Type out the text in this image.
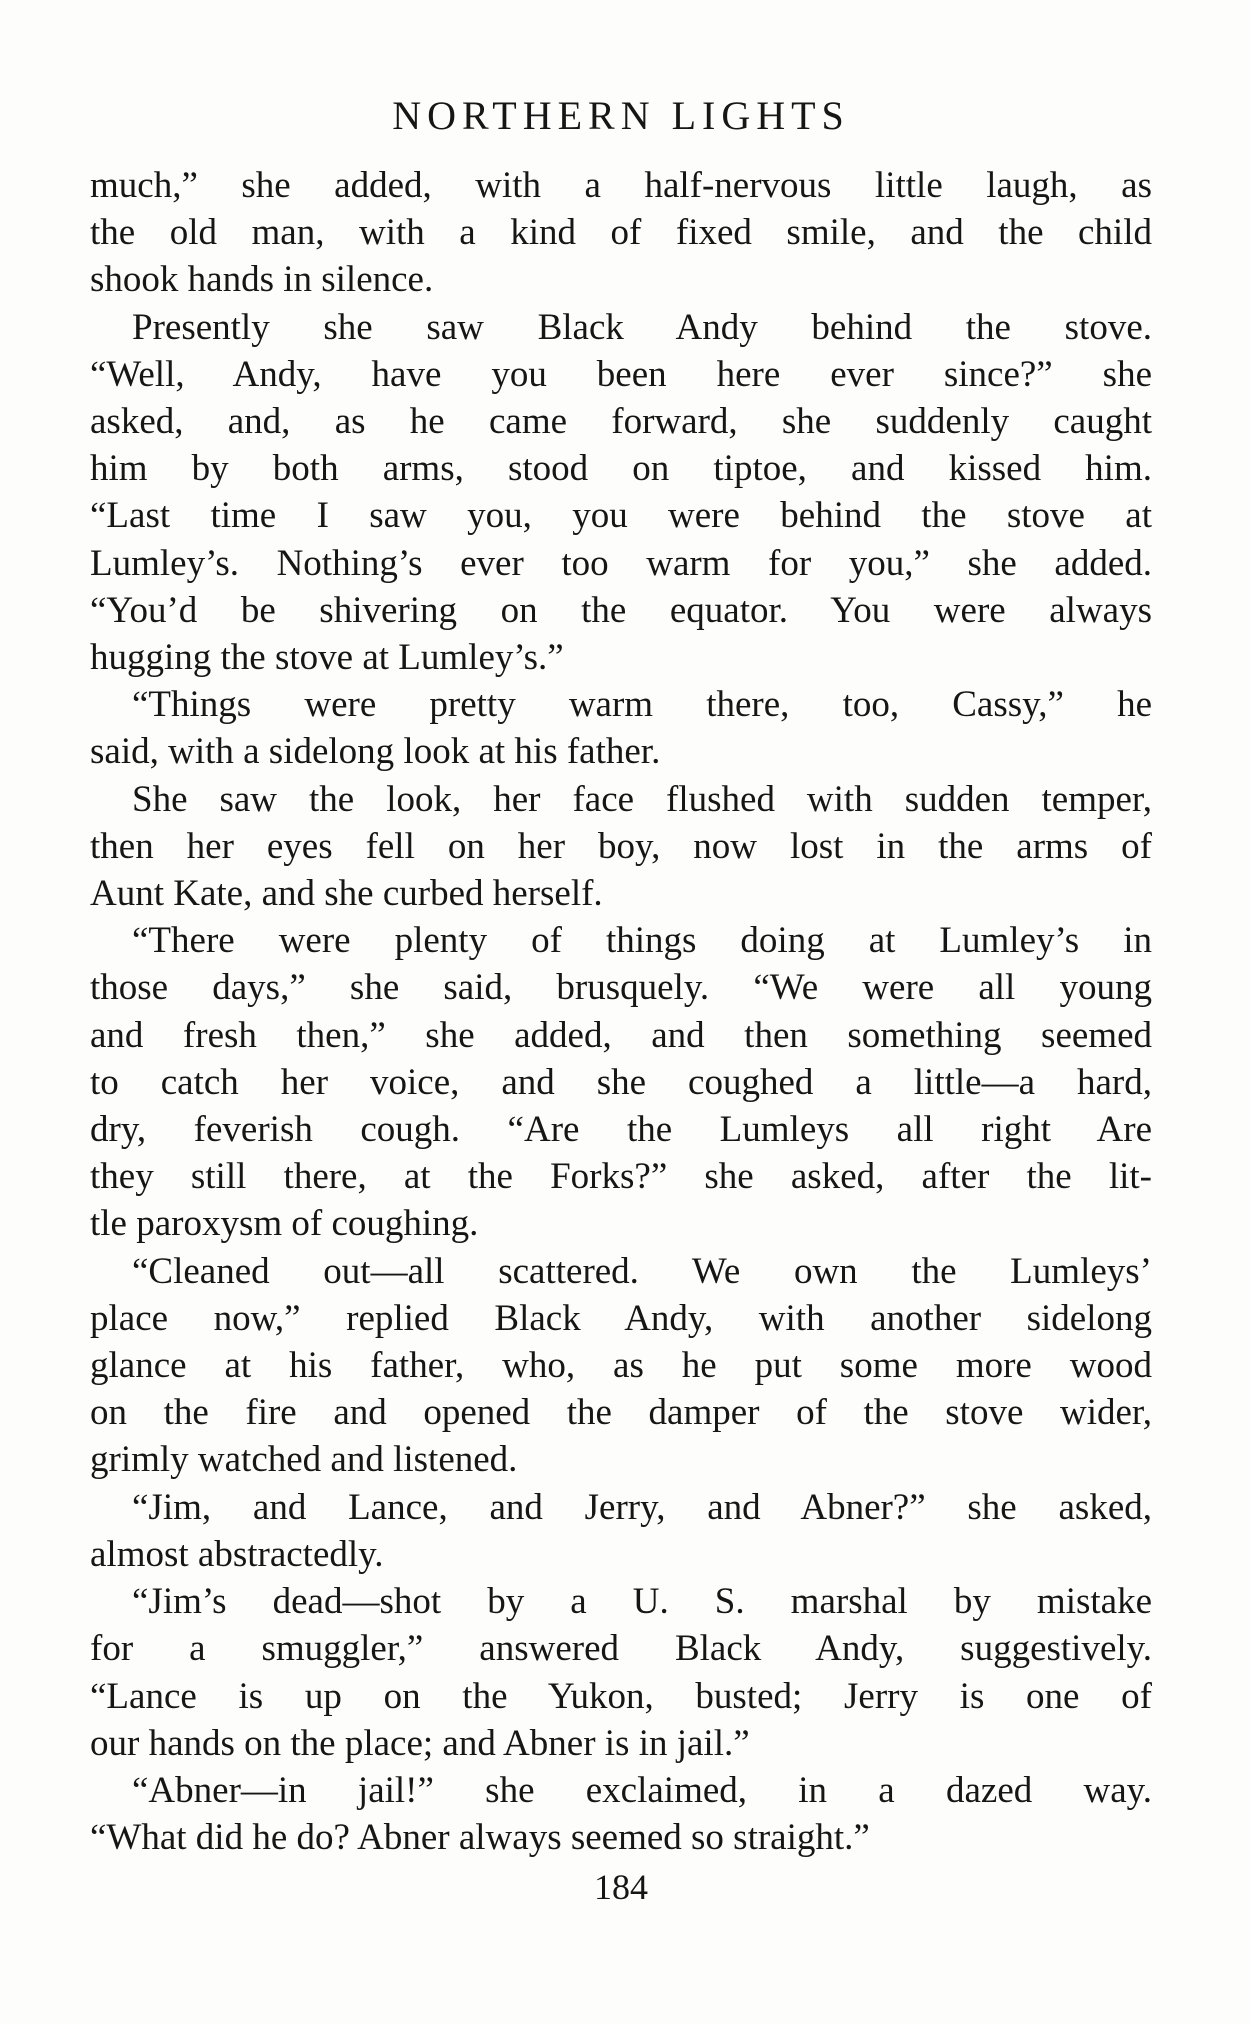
NORTHERN LIGHTS

much,” she added, with a half-nervous little laugh, as
the old man, with a kind of fixed smile, and the child
shook hands in silence.

Presently she saw Black Andy behind the stove.
“Well, Andy, have you been here ever since?” she
asked, and, as he came forward, she suddenly caught
him by both arms, stood on tiptoe, and kissed him.
“Last time I saw you, you were behind the stove at
Lumley’s. Nothing’s ever too warm for you,” she added.
“You’d be shivering on the equator. You were always
hugging the stove at Lumley’s.”

“Things were pretty warm there, too, Cassy,” he
said, with a sidelong look at his father.

She saw the look, her face flushed with sudden temper,
then her eyes fell on her boy, now lost in the arms of
Aunt Kate, and she curbed herself.

“There were plenty of things doing at Lumley’s in
those days,” she said, brusquely. “We were all young
and fresh then,” she added, and then something seemed
to catch her voice, and she coughed a little—a hard,
dry, feverish cough. “Are the Lumleys all right Are
they still there, at the Forks?” she asked, after the lit-
tle paroxysm of coughing.

“Cleaned out—all scattered. We own the Lumleys’
place now,” replied Black Andy, with another sidelong
glance at his father, who, as he put some more wood
on the fire and opened the damper of the stove wider,
grimly watched and listened.

“Jim, and Lance, and Jerry, and Abner?” she asked,
almost abstractedly.

“Jim’s dead—shot by a U. S. marshal by mistake
for a smuggler,” answered Black Andy, suggestively.
“Lance is up on the Yukon, busted; Jerry is one of
our hands on the place; and Abner is in jail.”

“Abner—in jail!” she exclaimed, in a dazed way.
“What did he do? Abner always seemed so straight.”

184
